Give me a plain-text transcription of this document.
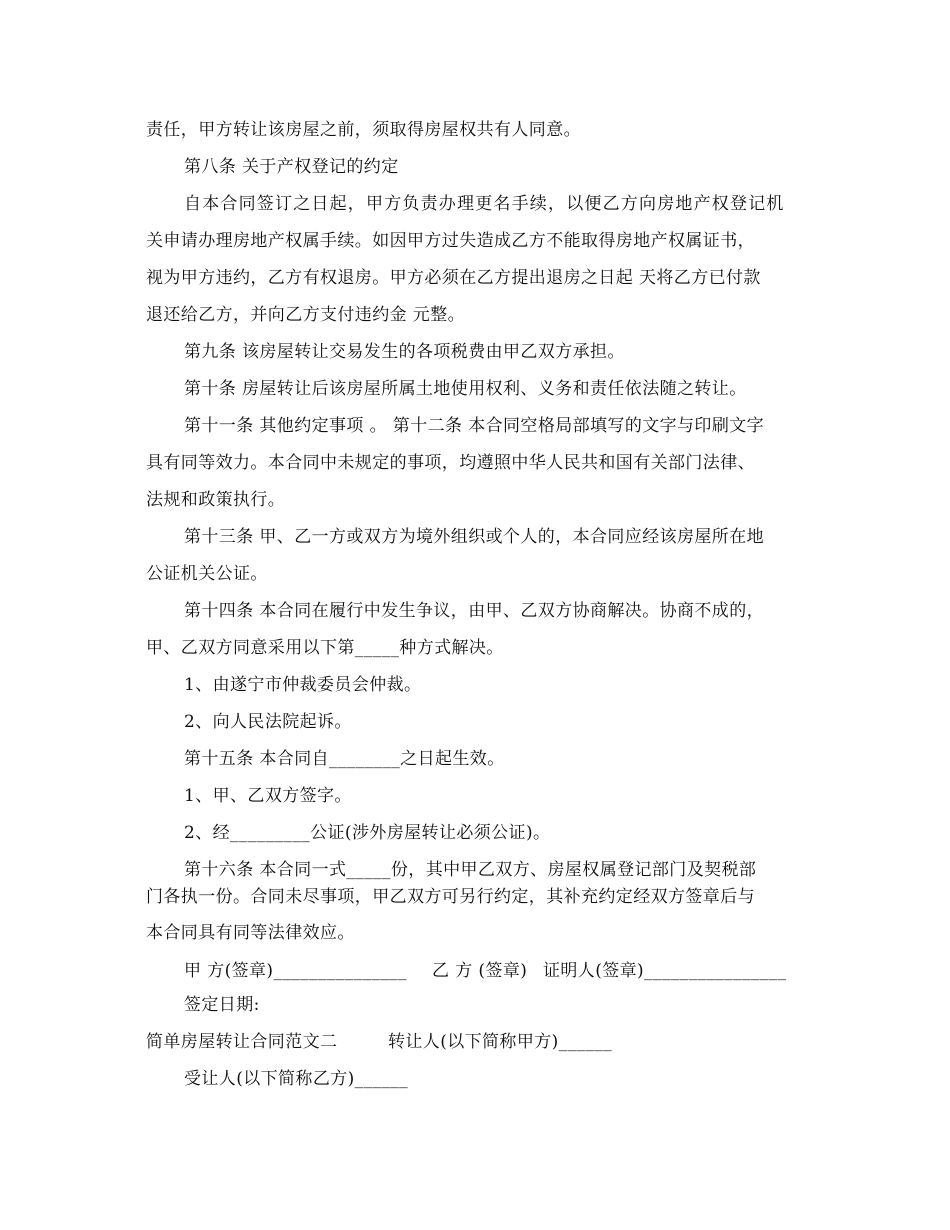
责任，甲方转让该房屋之前，须取得房屋权共有人同意。
第八条 关于产权登记的约定
自本合同签订之日起，甲方负责办理更名手续，以便乙方向房地产权登记机
关申请办理房地产权属手续。如因甲方过失造成乙方不能取得房地产权属证书，
视为甲方违约，乙方有权退房。甲方必须在乙方提出退房之日起 天将乙方已付款
退还给乙方，并向乙方支付违约金 元整。
第九条 该房屋转让交易发生的各项税费由甲乙双方承担。
第十条 房屋转让后该房屋所属土地使用权利、义务和责任依法随之转让。
第十一条 其他约定事项 。 第十二条 本合同空格局部填写的文字与印刷文字
具有同等效力。本合同中未规定的事项，均遵照中华人民共和国有关部门法律、
法规和政策执行。
第十三条 甲、乙一方或双方为境外组织或个人的，本合同应经该房屋所在地
公证机关公证。
第十四条 本合同在履行中发生争议，由甲、乙双方协商解决。协商不成的，
甲、乙双方同意采用以下第_____种方式解决。
1、由遂宁市仲裁委员会仲裁。
2、向人民法院起诉。
第十五条 本合同自________之日起生效。
1、甲、乙双方签字。
2、经_________公证(涉外房屋转让必须公证)。
第十六条 本合同一式_____份，其中甲乙双方、房屋权属登记部门及契税部
门各执一份。合同未尽事项，甲乙双方可另行约定，其补充约定经双方签章后与
本合同具有同等法律效应。
甲 方(签章)_______________ 乙 方 (签章) 证明人(签章)________________
签定日期:
简单房屋转让合同范文二	转让人(以下简称甲方)______
受让人(以下简称乙方)______
